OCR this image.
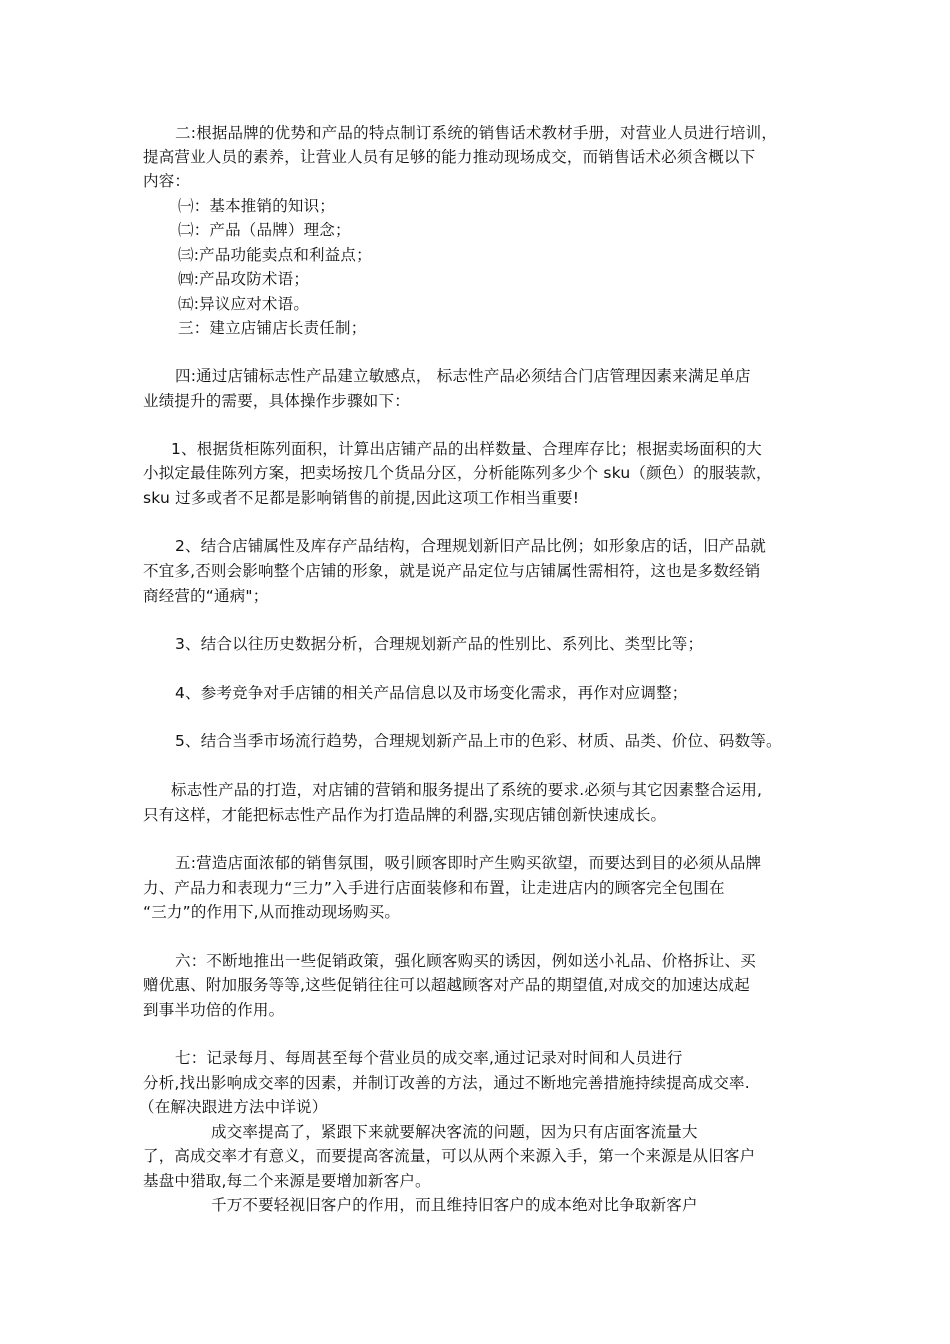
二:根据品牌的优势和产品的特点制订系统的销售话术教材手册，对营业人员进行培训，
提高营业人员的素养，让营业人员有足够的能力推动现场成交，而销售话术必须含概以下
内容：
㈠：基本推销的知识；
㈡：产品（品牌）理念；
㈢:产品功能卖点和利益点；
㈣:产品攻防术语；
㈤:异议应对术语。
三：建立店铺店长责任制；
四:通过店铺标志性产品建立敏感点， 标志性产品必须结合门店管理因素来满足单店
业绩提升的需要，具体操作步骤如下：
1、根据货柜陈列面积，计算出店铺产品的出样数量、合理库存比；根据卖场面积的大
小拟定最佳陈列方案，把卖场按几个货品分区，分析能陈列多少个 sku（颜色）的服装款，
sku 过多或者不足都是影响销售的前提,因此这项工作相当重要!
2、结合店铺属性及库存产品结构，合理规划新旧产品比例；如形象店的话，旧产品就
不宜多,否则会影响整个店铺的形象，就是说产品定位与店铺属性需相符，这也是多数经销
商经营的“通病"；
3、结合以往历史数据分析，合理规划新产品的性别比、系列比、类型比等；
4、参考竞争对手店铺的相关产品信息以及市场变化需求，再作对应调整；
5、结合当季市场流行趋势，合理规划新产品上市的色彩、材质、品类、价位、码数等。
标志性产品的打造，对店铺的营销和服务提出了系统的要求.必须与其它因素整合运用,
只有这样，才能把标志性产品作为打造品牌的利器,实现店铺创新快速成长。
五:营造店面浓郁的销售氛围，吸引顾客即时产生购买欲望，而要达到目的必须从品牌
力、产品力和表现力“三力”入手进行店面装修和布置，让走进店内的顾客完全包围在
“三力”的作用下,从而推动现场购买。
六：不断地推出一些促销政策，强化顾客购买的诱因，例如送小礼品、价格拆让、买
赠优惠、附加服务等等,这些促销往往可以超越顾客对产品的期望值,对成交的加速达成起
到事半功倍的作用。
七：记录每月、每周甚至每个营业员的成交率,通过记录对时间和人员进行
分析,找出影响成交率的因素，并制订改善的方法，通过不断地完善措施持续提高成交率.
（在解决跟进方法中详说）
成交率提高了，紧跟下来就要解决客流的问题，因为只有店面客流量大
了，高成交率才有意义，而要提高客流量，可以从两个来源入手，第一个来源是从旧客户
基盘中猎取,每二个来源是要增加新客户。
千万不要轻视旧客户的作用，而且维持旧客户的成本绝对比争取新客户
